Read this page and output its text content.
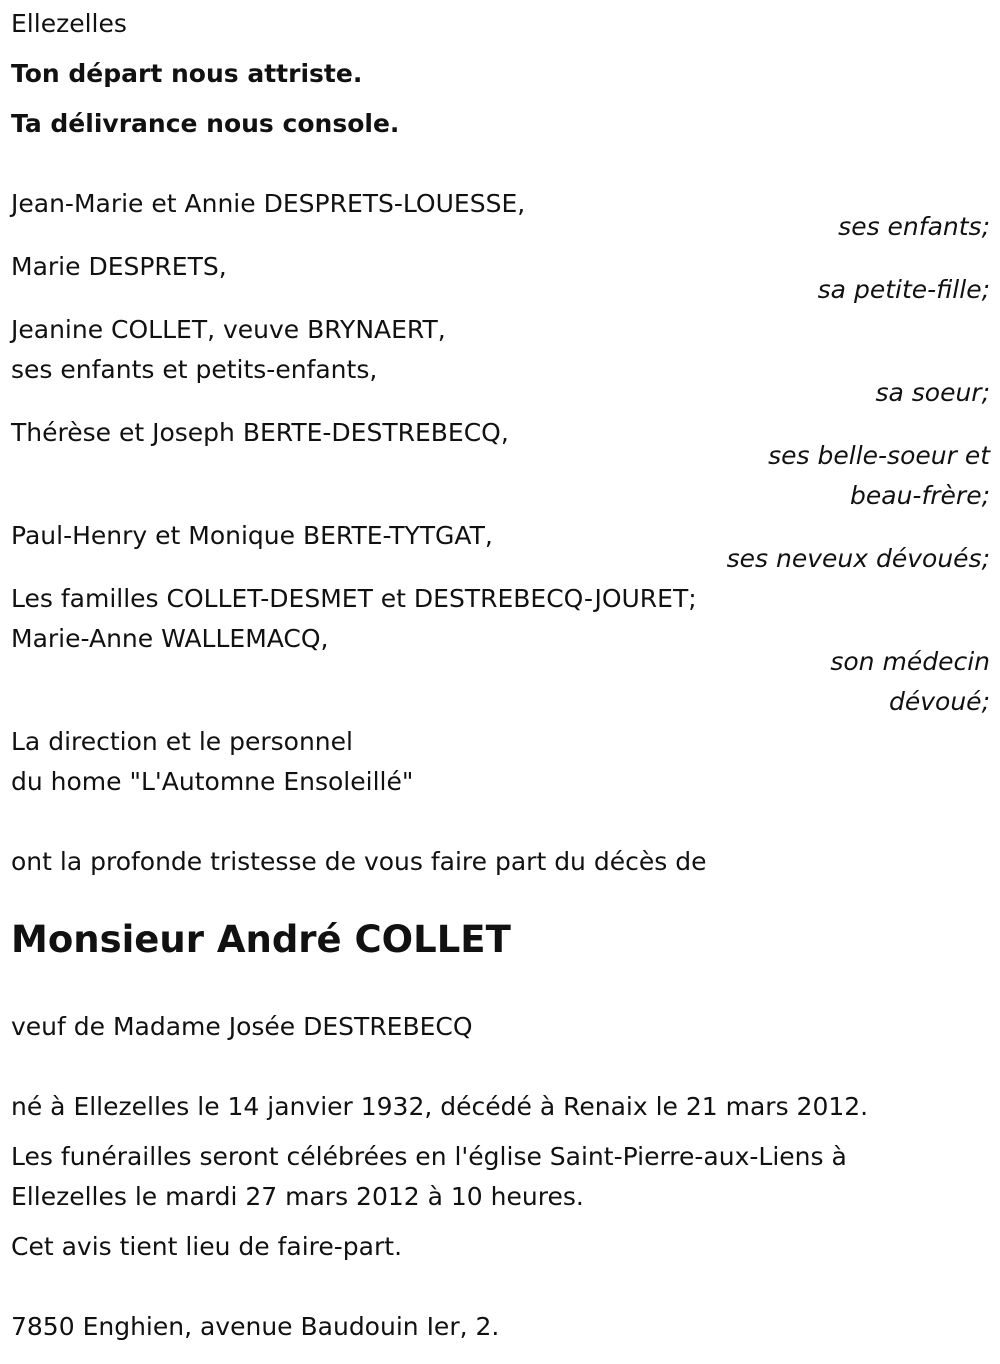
Ellezelles
Ton départ nous attriste.
Ta délivrance nous console.
Jean-Marie et Annie DESPRETS-LOUESSE,
ses enfants;
Marie DESPRETS,
sa petite-fille;
Jeanine COLLET, veuve BRYNAERT,
ses enfants et petits-enfants,
sa soeur;
Thérèse et Joseph BERTE-DESTREBECQ,
ses belle-soeur et
beau-frère;
Paul-Henry et Monique BERTE-TYTGAT,
ses neveux dévoués;
Les familles COLLET-DESMET et DESTREBECQ-JOURET;
Marie-Anne WALLEMACQ,
son médecin
dévoué;
La direction et le personnel
du home "L'Automne Ensoleillé"
ont la profonde tristesse de vous faire part du décès de
Monsieur André COLLET
veuf de Madame Josée DESTREBECQ
né à Ellezelles le 14 janvier 1932, décédé à Renaix le 21 mars 2012.
Les funérailles seront célébrées en l'église Saint-Pierre-aux-Liens à
Ellezelles le mardi 27 mars 2012 à 10 heures.
Cet avis tient lieu de faire-part.
7850 Enghien, avenue Baudouin Ier, 2.
